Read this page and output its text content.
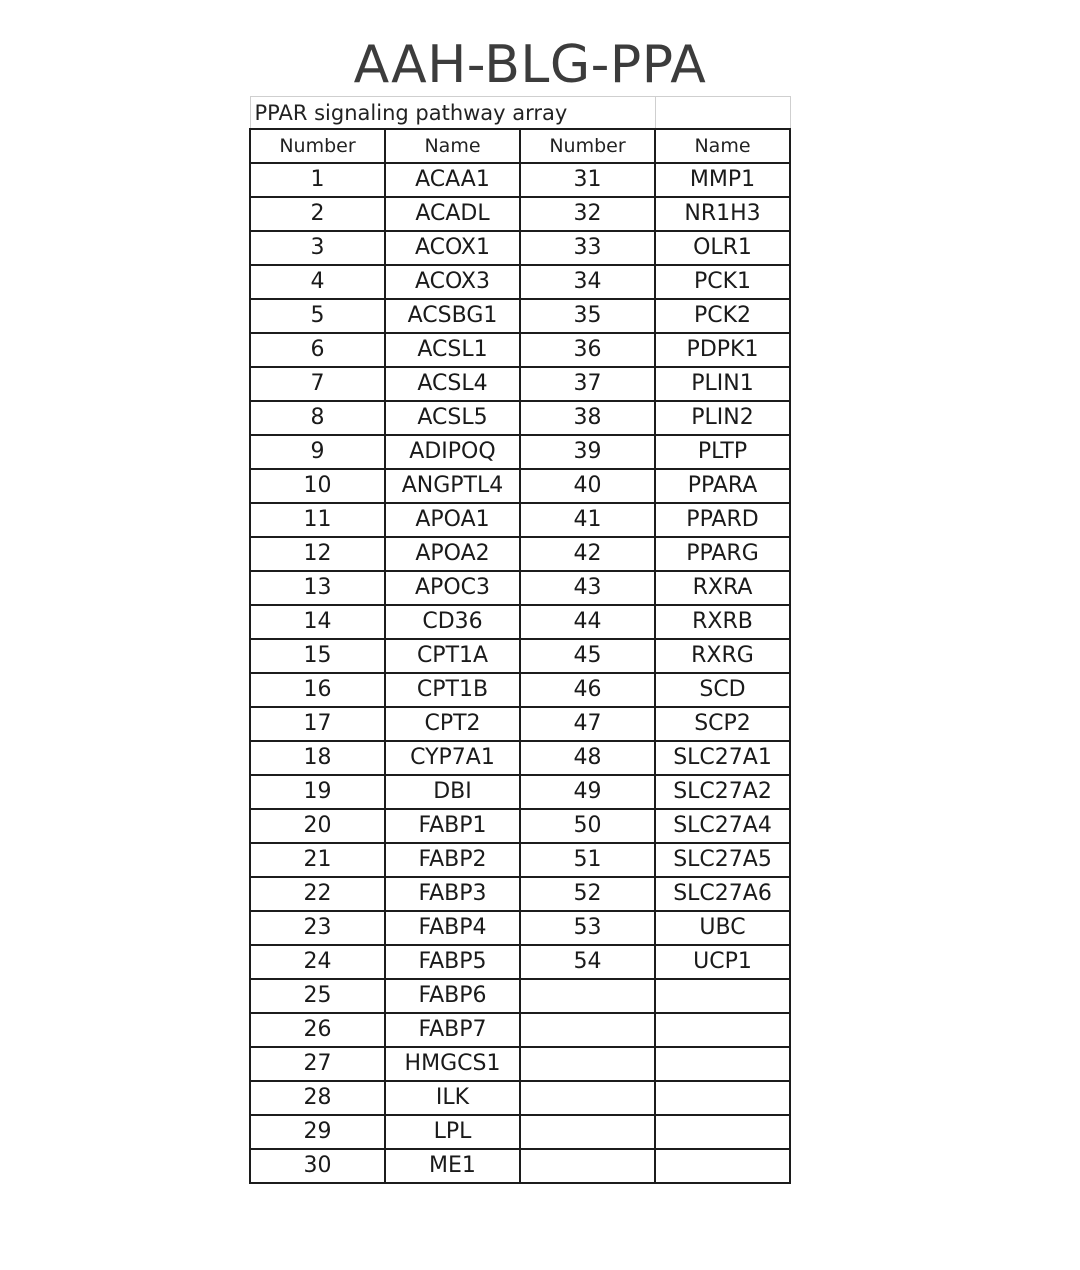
AAH-BLG-PPA
PPAR signaling pathway array			
Number	Name	Number	Name
1	ACAA1	31	MMP1
2	ACADL	32	NR1H3
3	ACOX1	33	OLR1
4	ACOX3	34	PCK1
5	ACSBG1	35	PCK2
6	ACSL1	36	PDPK1
7	ACSL4	37	PLIN1
8	ACSL5	38	PLIN2
9	ADIPOQ	39	PLTP
10	ANGPTL4	40	PPARA
11	APOA1	41	PPARD
12	APOA2	42	PPARG
13	APOC3	43	RXRA
14	CD36	44	RXRB
15	CPT1A	45	RXRG
16	CPT1B	46	SCD
17	CPT2	47	SCP2
18	CYP7A1	48	SLC27A1
19	DBI	49	SLC27A2
20	FABP1	50	SLC27A4
21	FABP2	51	SLC27A5
22	FABP3	52	SLC27A6
23	FABP4	53	UBC
24	FABP5	54	UCP1
25	FABP6		
26	FABP7		
27	HMGCS1		
28	ILK		
29	LPL		
30	ME1		
